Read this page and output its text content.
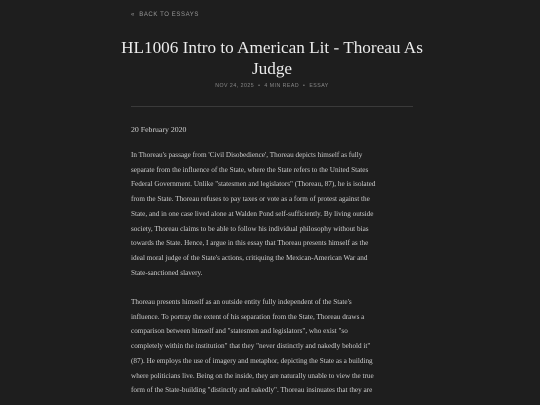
« BACK TO ESSAYS
HL1006 Intro to American Lit - Thoreau As Judge
NOV 24, 2025 • 4 MIN READ • ESSAY

20 February 2020

In Thoreau's passage from 'Civil Disobedience', Thoreau depicts himself as fully
separate from the influence of the State, where the State refers to the United States
Federal Government. Unlike "statesmen and legislators" (Thoreau, 87), he is isolated
from the State. Thoreau refuses to pay taxes or vote as a form of protest against the
State, and in one case lived alone at Walden Pond self-sufficiently. By living outside
society, Thoreau claims to be able to follow his individual philosophy without bias
towards the State. Hence, I argue in this essay that Thoreau presents himself as the
ideal moral judge of the State's actions, critiquing the Mexican-American War and
State-sanctioned slavery.

Thoreau presents himself as an outside entity fully independent of the State's
influence. To portray the extent of his separation from the State, Thoreau draws a
comparison between himself and "statesmen and legislators", who exist "so
completely within the institution" that they "never distinctly and nakedly behold it"
(87). He employs the use of imagery and metaphor, depicting the State as a building
where politicians live. Being on the inside, they are naturally unable to view the true
form of the State-building "distinctly and nakedly". Thoreau insinuates that they are
